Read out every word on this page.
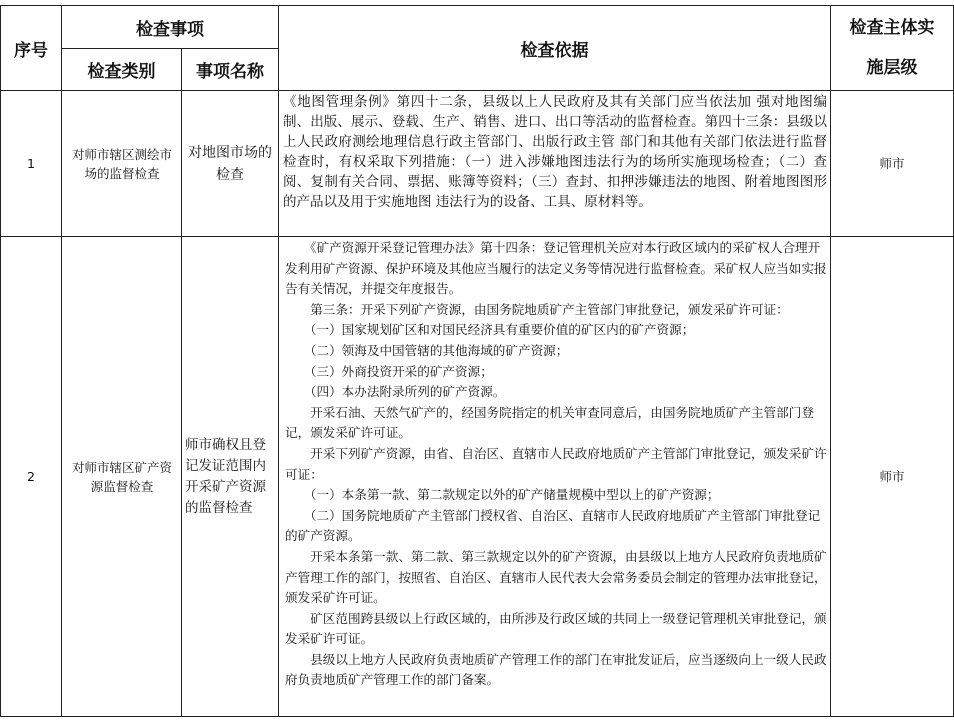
序号
检查事项
检查类别	事项名称
检查依据
检查主体实
施层级
1
对师市辖区测绘市场的监督检查
对地图市场的检查

《地图管理条例》第四十二条，县级以上人民政府及其有关部门应当依法加 强对地图编制、出版、展示、登载、生产、销售、进口、出口等活动的监督检查。第四十三条：县级以上人民政府测绘地理信息行政主管部门、出版行政主管 部门和其他有关部门依法进行监督检查时，有权采取下列措施：（一）进入涉嫌地图违法行为的场所实施现场检查；（二）查阅、复制有关合同、票据、账簿等资料；（三）查封、扣押涉嫌违法的地图、附着地图图形的产品以及用于实施地图 违法行为的设备、工具、原材料等。

师市
2
对师市辖区矿产资源监督检查
师市确权且登记发证范围内开采矿产资源的监督检查

　　《矿产资源开采登记管理办法》第十四条：登记管理机关应对本行政区域内的采矿权人合理开发利用矿产资源、保护环境及其他应当履行的法定义务等情况进行监督检查。采矿权人应当如实报告有关情况，并提交年度报告。

　　第三条：开采下列矿产资源，由国务院地质矿产主管部门审批登记，颁发采矿许可证：

　　（一）国家规划矿区和对国民经济具有重要价值的矿区内的矿产资源；

　　（二）领海及中国管辖的其他海域的矿产资源；

　　（三）外商投资开采的矿产资源；

　　（四）本办法附录所列的矿产资源。

　　开采石油、天然气矿产的，经国务院指定的机关审查同意后，由国务院地质矿产主管部门登记，颁发采矿许可证。

　　开采下列矿产资源，由省、自治区、直辖市人民政府地质矿产主管部门审批登记，颁发采矿许可证：

　　（一）本条第一款、第二款规定以外的矿产储量规模中型以上的矿产资源；

　　（二）国务院地质矿产主管部门授权省、自治区、直辖市人民政府地质矿产主管部门审批登记的矿产资源。

　　开采本条第一款、第二款、第三款规定以外的矿产资源，由县级以上地方人民政府负责地质矿产管理工作的部门，按照省、自治区、直辖市人民代表大会常务委员会制定的管理办法审批登记，颁发采矿许可证。

　　矿区范围跨县级以上行政区域的，由所涉及行政区域的共同上一级登记管理机关审批登记，颁发采矿许可证。

　　县级以上地方人民政府负责地质矿产管理工作的部门在审批发证后，应当逐级向上一级人民政府负责地质矿产管理工作的部门备案。

师市
